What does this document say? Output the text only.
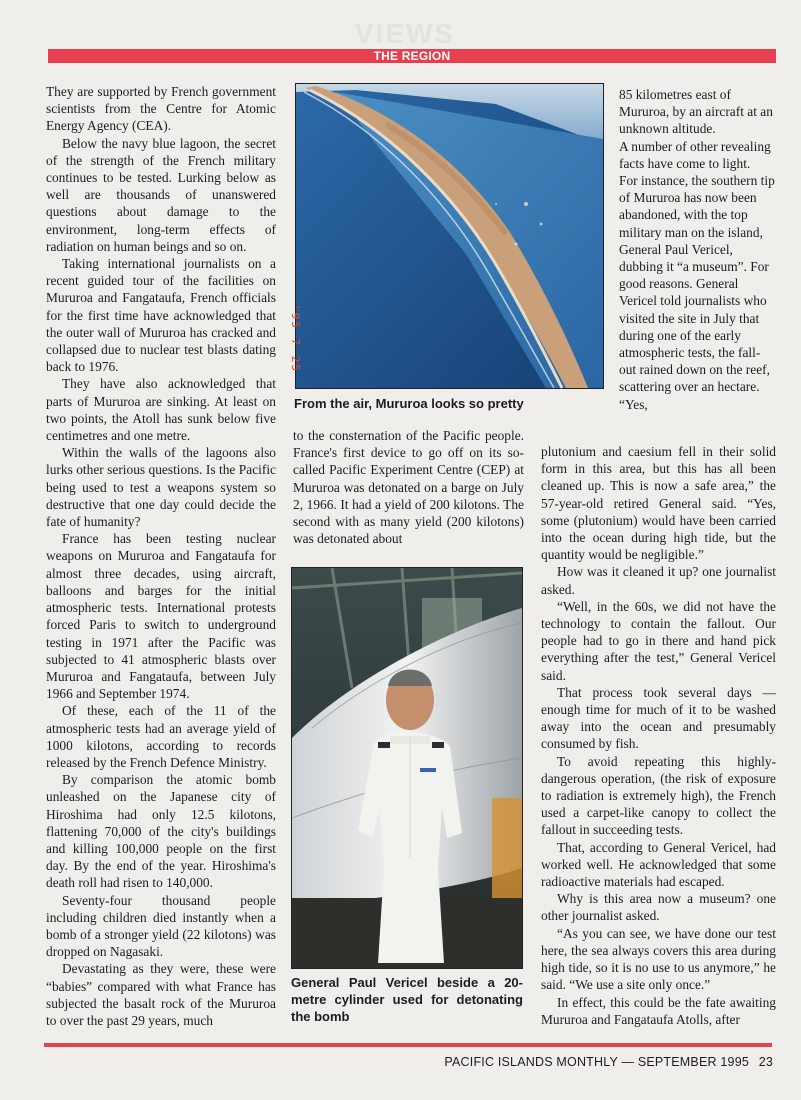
VIEWS
THE REGION

They are supported by French government scientists from the Centre for Atomic Energy Agency (CEA).

Below the navy blue lagoon, the secret of the strength of the French military continues to be tested. Lurking below as well are thousands of unanswered questions about damage to the environment, long-term effects of radiation on human beings and so on.

Taking international journalists on a recent guided tour of the facilities on Mururoa and Fangataufa, French officials for the first time have acknowledged that the outer wall of Mururoa has cracked and collapsed due to nuclear test blasts dating back to 1976.

They have also acknowledged that parts of Mururoa are sinking. At least on two points, the Atoll has sunk below five centimetres and one metre.

Within the walls of the lagoons also lurks other serious questions. Is the Pacific being used to test a weapons system so destructive that one day could decide the fate of humanity?

France has been testing nuclear weapons on Mururoa and Fangataufa for almost three decades, using aircraft, balloons and barges for the initial atmospheric tests. International protests forced Paris to switch to underground testing in 1971 after the Pacific was subjected to 41 atmospheric blasts over Mururoa and Fangataufa, between July 1966 and September 1974.

Of these, each of the 11 of the atmospheric tests had an average yield of 1000 kilotons, according to records released by the French Defence Ministry.

By comparison the atomic bomb unleashed on the Japanese city of Hiroshima had only 12.5 kilotons, flattening 70,000 of the city's buildings and killing 100,000 people on the first day. By the end of the year. Hiroshima's death roll had risen to 140,000.

Seventy-four thousand people including children died instantly when a bomb of a stronger yield (22 kilotons) was dropped on Nagasaki.

Devastating as they were, these were “babies” compared with what France has subjected the basalt rock of the Mururoa to over the past 29 years, much

'95 7 25
From the air, Mururoa looks so pretty

to the consternation of the Pacific people. France's first device to go off on its so-called Pacific Experiment Centre (CEP) at Mururoa was detonated on a barge on July 2, 1966. It had a yield of 200 kilotons. The second with as many yield (200 kilotons) was detonated about

General Paul Vericel beside a 20-metre cylinder used for detonating the bomb

85 kilometres east of Mururoa, by an aircraft at an unknown altitude.

A number of other revealing facts have come to light.

For instance, the southern tip of Mururoa has now been abandoned, with the top military man on the island, General Paul Vericel, dubbing it “a museum”. For good reasons. General Vericel told journalists who visited the site in July that during one of the early atmospheric tests, the fall-out rained down on the reef, scattering over an hectare. “Yes,

plutonium and caesium fell in their solid form in this area, but this has all been cleaned up. This is now a safe area,” the 57-year-old retired General said. “Yes, some (plutonium) would have been carried into the ocean during high tide, but the quantity would be negligible.”

How was it cleaned it up? one journalist asked.

“Well, in the 60s, we did not have the technology to contain the fallout. Our people had to go in there and hand pick everything after the test,” General Vericel said.

That process took several days — enough time for much of it to be washed away into the ocean and presumably consumed by fish.

To avoid repeating this highly-dangerous operation, (the risk of exposure to radiation is extremely high), the French used a carpet-like canopy to collect the fallout in succeeding tests.

That, according to General Vericel, had worked well. He acknowledged that some radioactive materials had escaped.

Why is this area now a museum? one other journalist asked.

“As you can see, we have done our test here, the sea always covers this area during high tide, so it is no use to us anymore,” he said. “We use a site only once.”

In effect, this could be the fate awaiting Mururoa and Fangataufa Atolls, after

PACIFIC ISLANDS MONTHLY — SEPTEMBER 1995 23
